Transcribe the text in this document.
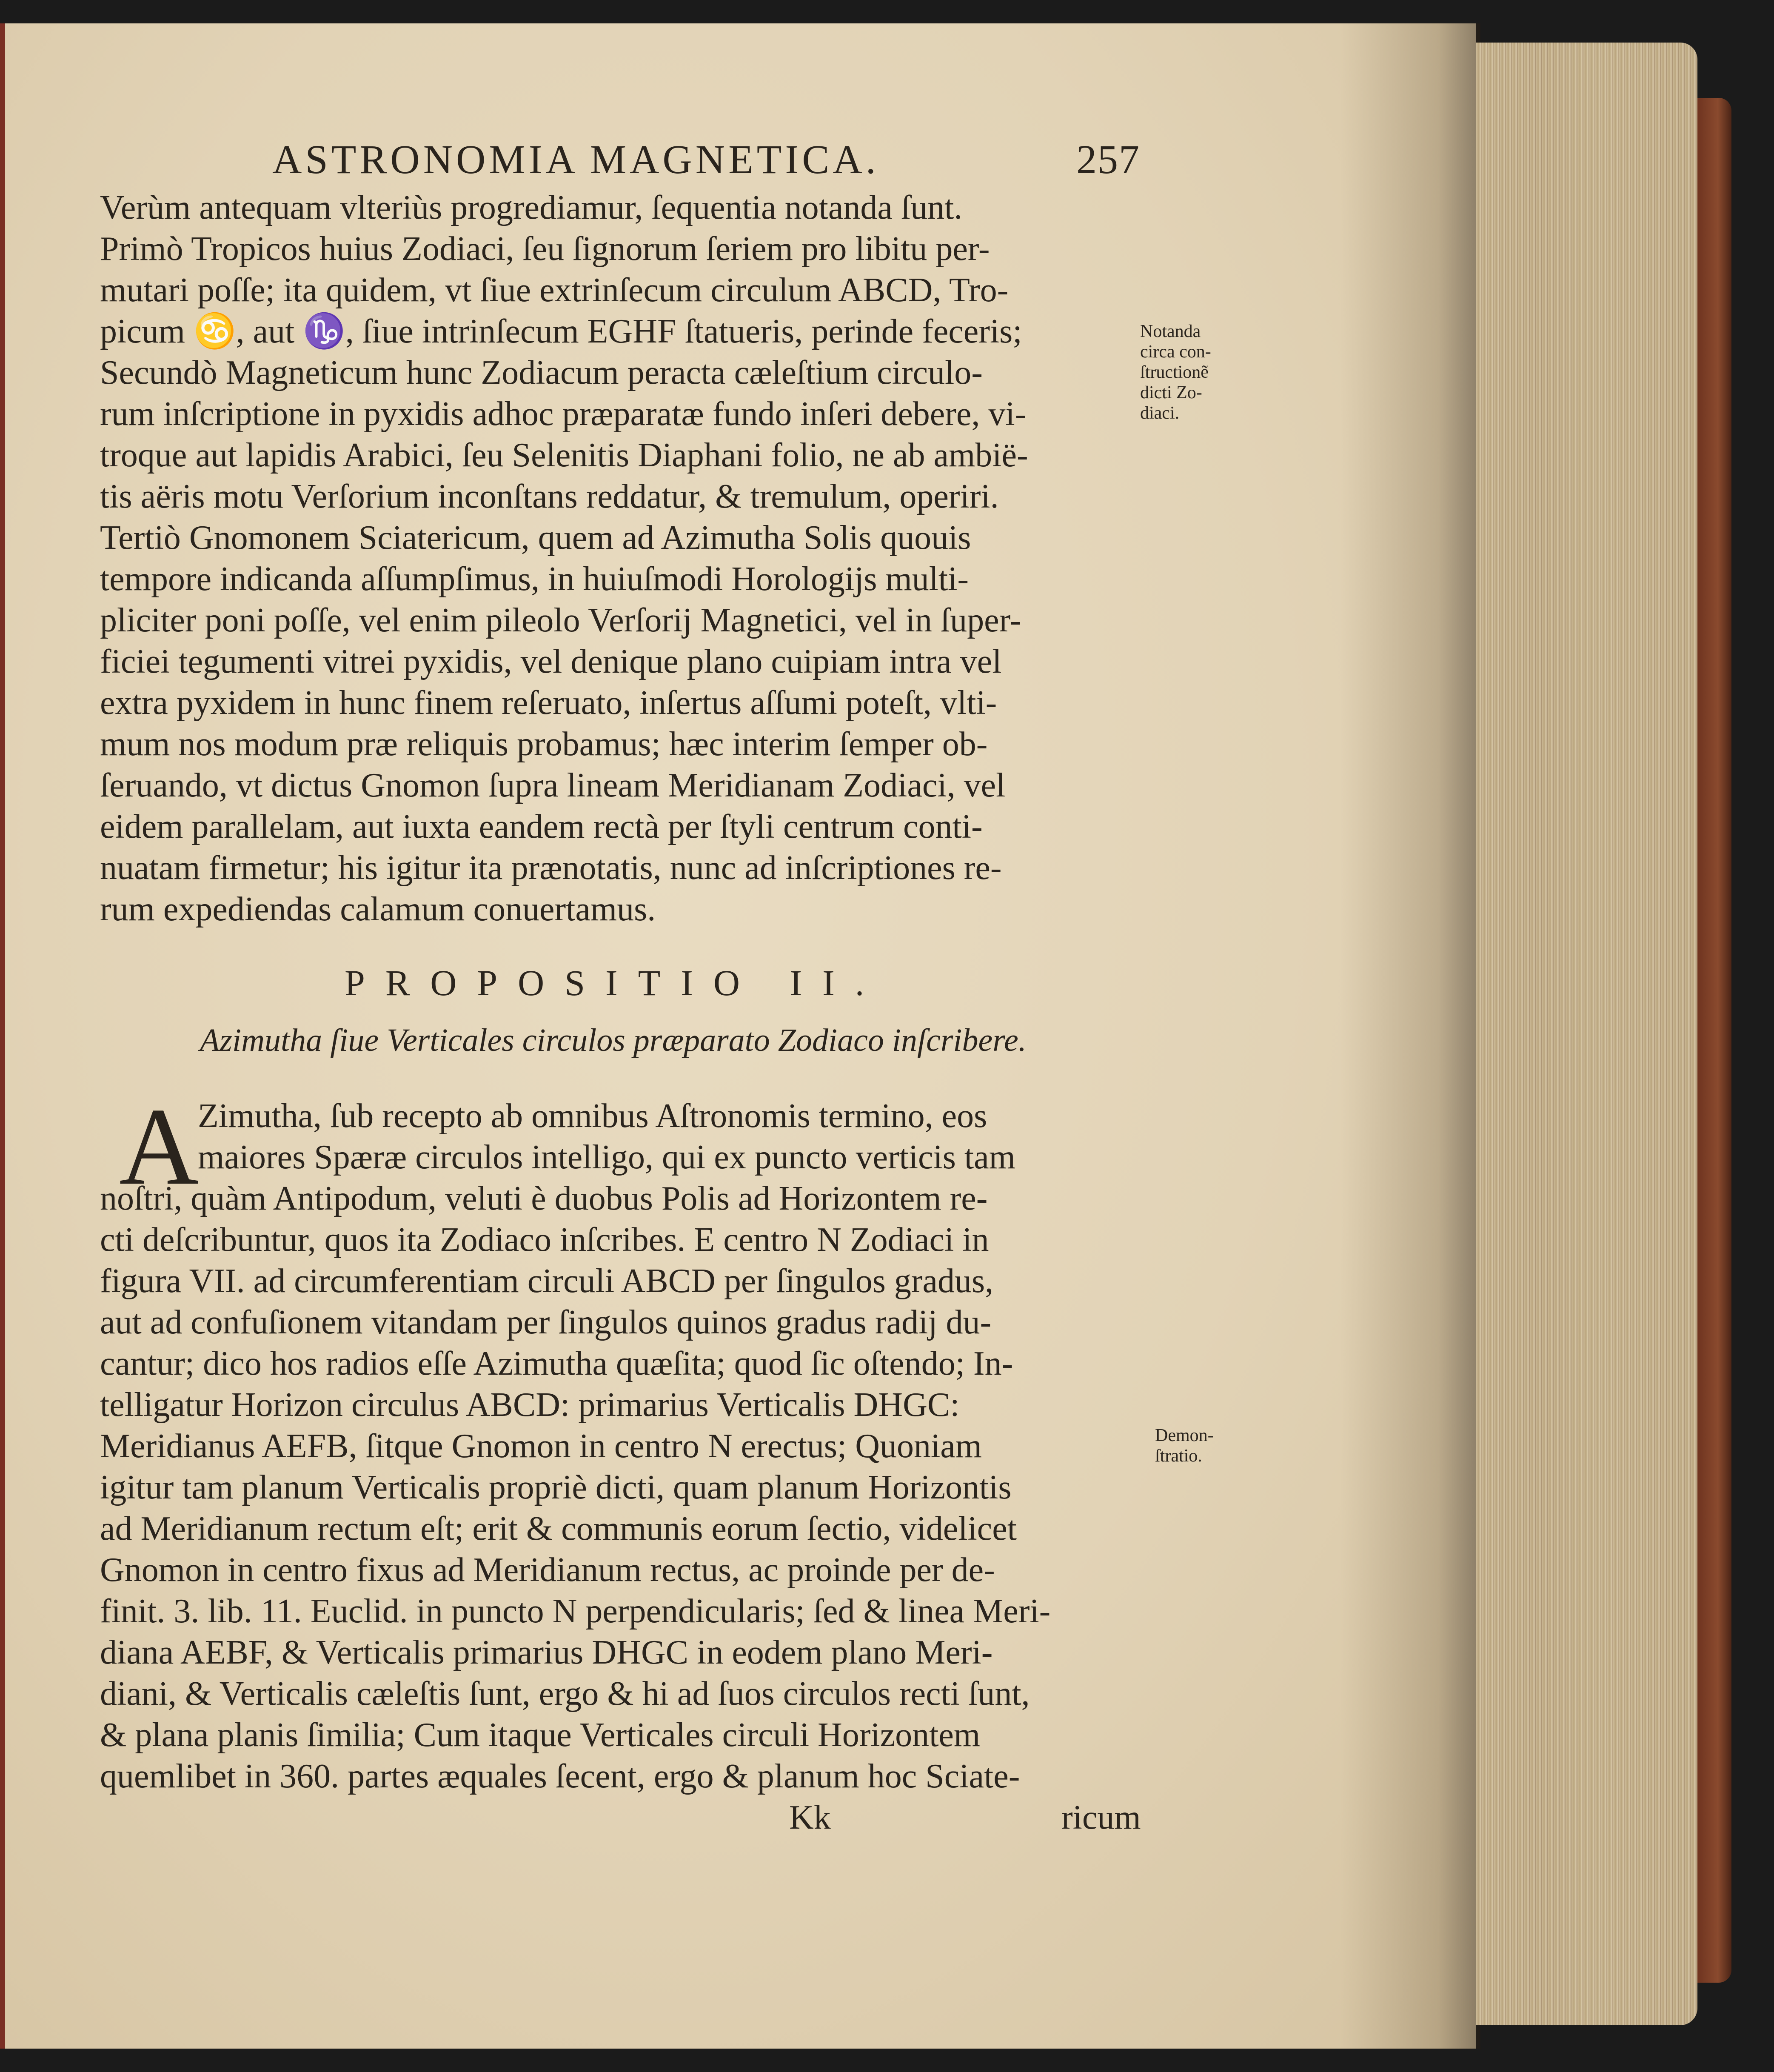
ASTRONOMIA MAGNETICA.	257
Verùm antequam vlteriùs progrediamur, ſequentia notanda ſunt.
Primò Tropicos huius Zodiaci, ſeu ſignorum ſeriem pro libitu per-
mutari poſſe; ita quidem, vt ſiue extrinſecum circulum ABCD, Tro-
picum ♋, aut ♑, ſiue intrinſecum EGHF ſtatueris, perinde feceris;
Secundò Magneticum hunc Zodiacum peracta cæleſtium circulo-
rum inſcriptione in pyxidis adhoc præparatæ fundo inſeri debere, vi-
troque aut lapidis Arabici, ſeu Selenitis Diaphani folio, ne ab ambië-
tis aëris motu Verſorium inconſtans reddatur, & tremulum, operiri.
Tertiò Gnomonem Sciatericum, quem ad Azimutha Solis quouis
tempore indicanda aſſumpſimus, in huiuſmodi Horologijs multi-
pliciter poni poſſe, vel enim pileolo Verſorij Magnetici, vel in ſuper-
ficiei tegumenti vitrei pyxidis, vel denique plano cuipiam intra vel
extra pyxidem in hunc finem reſeruato, inſertus aſſumi poteſt, vlti-
mum nos modum præ reliquis probamus; hæc interim ſemper ob-
ſeruando, vt dictus Gnomon ſupra lineam Meridianam Zodiaci, vel
eidem parallelam, aut iuxta eandem rectà per ſtyli centrum conti-
nuatam firmetur; his igitur ita prænotatis, nunc ad inſcriptiones re-
rum expediendas calamum conuertamus.
Notanda
circa con-
ſtructionẽ
dicti Zo-
diaci.
PROPOSITIO II.
Azimutha ſiue Verticales circulos præparato Zodiaco inſcribere.
A
Zimutha, ſub recepto ab omnibus Aſtronomis termino, eos
maiores Spæræ circulos intelligo, qui ex puncto verticis tam
noſtri, quàm Antipodum, veluti è duobus Polis ad Horizontem re-
cti deſcribuntur, quos ita Zodiaco inſcribes. E centro N Zodiaci in
figura VII. ad circumferentiam circuli ABCD per ſingulos gradus,
aut ad confuſionem vitandam per ſingulos quinos gradus radij du-
cantur; dico hos radios eſſe Azimutha quæſita; quod ſic oſtendo; In-
telligatur Horizon circulus ABCD: primarius Verticalis DHGC:
Meridianus AEFB, ſitque Gnomon in centro N erectus; Quoniam
igitur tam planum Verticalis propriè dicti, quam planum Horizontis
ad Meridianum rectum eſt; erit & communis eorum ſectio, videlicet
Gnomon in centro fixus ad Meridianum rectus, ac proinde per de-
finit. 3. lib. 11. Euclid. in puncto N perpendicularis; ſed & linea Meri-
diana AEBF, & Verticalis primarius DHGC in eodem plano Meri-
diani, & Verticalis cæleſtis ſunt, ergo & hi ad ſuos circulos recti ſunt,
& plana planis ſimilia; Cum itaque Verticales circuli Horizontem
quemlibet in 360. partes æquales ſecent, ergo & planum hoc Sciate-
Demon-
ſtratio.
Kk	ricum
